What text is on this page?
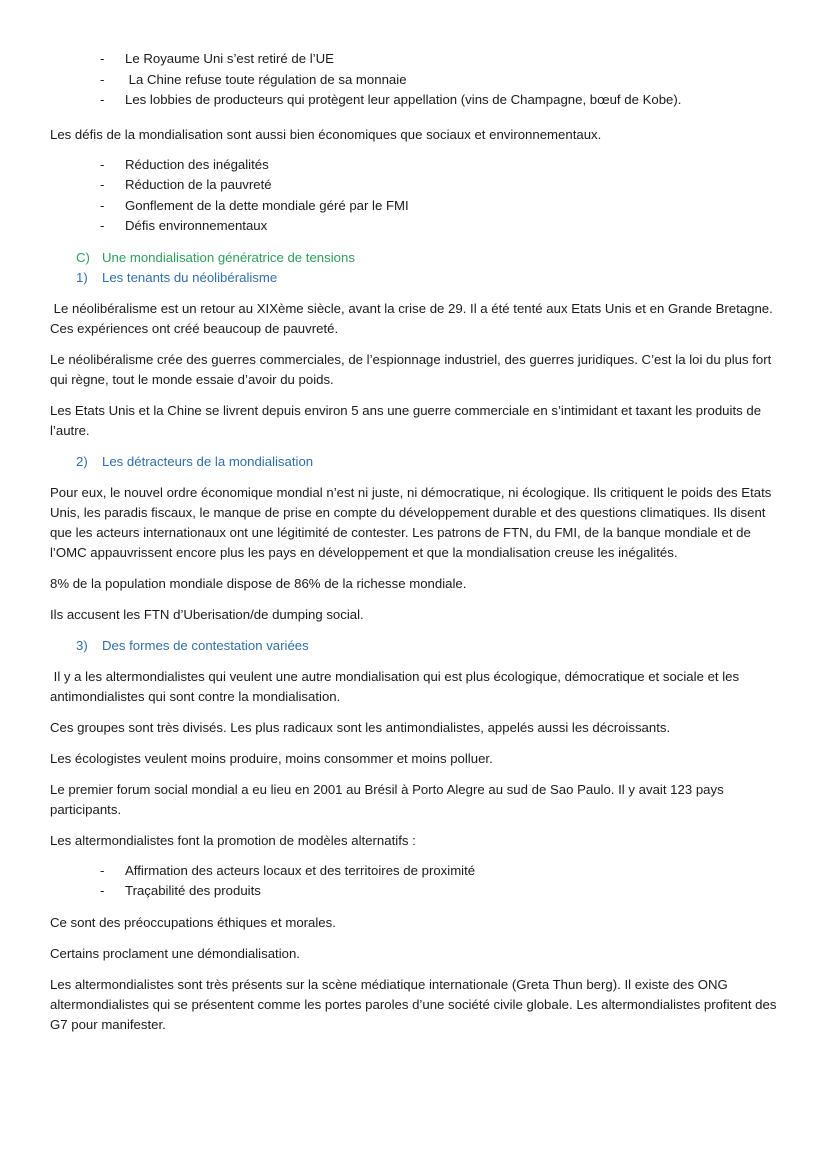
- Le Royaume Uni s’est retiré de l’UE
- La Chine refuse toute régulation de sa monnaie
- Les lobbies de producteurs qui protègent leur appellation (vins de Champagne, bœuf de Kobe).

Les défis de la mondialisation sont aussi bien économiques que sociaux et environnementaux.

- Réduction des inégalités
- Réduction de la pauvreté
- Gonflement de la dette mondiale géré par le FMI
- Défis environnementaux
C) Une mondialisation génératrice de tensions
1) Les tenants du néolibéralisme

Le néolibéralisme est un retour au XIXème siècle, avant la crise de 29. Il a été tenté aux Etats Unis et en Grande Bretagne. Ces expériences ont créé beaucoup de pauvreté.

Le néolibéralisme crée des guerres commerciales, de l’espionnage industriel, des guerres juridiques. C’est la loi du plus fort qui règne, tout le monde essaie d’avoir du poids.

Les Etats Unis et la Chine se livrent depuis environ 5 ans une guerre commerciale en s’intimidant et taxant les produits de l’autre.

2) Les détracteurs de la mondialisation

Pour eux, le nouvel ordre économique mondial n’est ni juste, ni démocratique, ni écologique. Ils critiquent le poids des Etats Unis, les paradis fiscaux, le manque de prise en compte du développement durable et des questions climatiques. Ils disent que les acteurs internationaux ont une légitimité de contester. Les patrons de FTN, du FMI, de la banque mondiale et de l’OMC appauvrissent encore plus les pays en développement et que la mondialisation creuse les inégalités.

8% de la population mondiale dispose de 86% de la richesse mondiale.

Ils accusent les FTN d’Uberisation/de dumping social.

3) Des formes de contestation variées

Il y a les altermondialistes qui veulent une autre mondialisation qui est plus écologique, démocratique et sociale et les antimondialistes qui sont contre la mondialisation.

Ces groupes sont très divisés. Les plus radicaux sont les antimondialistes, appelés aussi les décroissants.

Les écologistes veulent moins produire, moins consommer et moins polluer.

Le premier forum social mondial a eu lieu en 2001 au Brésil à Porto Alegre au sud de Sao Paulo. Il y avait 123 pays participants.

Les altermondialistes font la promotion de modèles alternatifs :

- Affirmation des acteurs locaux et des territoires de proximité
- Traçabilité des produits

Ce sont des préoccupations éthiques et morales.

Certains proclament une démondialisation.

Les altermondialistes sont très présents sur la scène médiatique internationale (Greta Thun berg). Il existe des ONG altermondialistes qui se présentent comme les portes paroles d’une société civile globale. Les altermondialistes profitent des G7 pour manifester.
